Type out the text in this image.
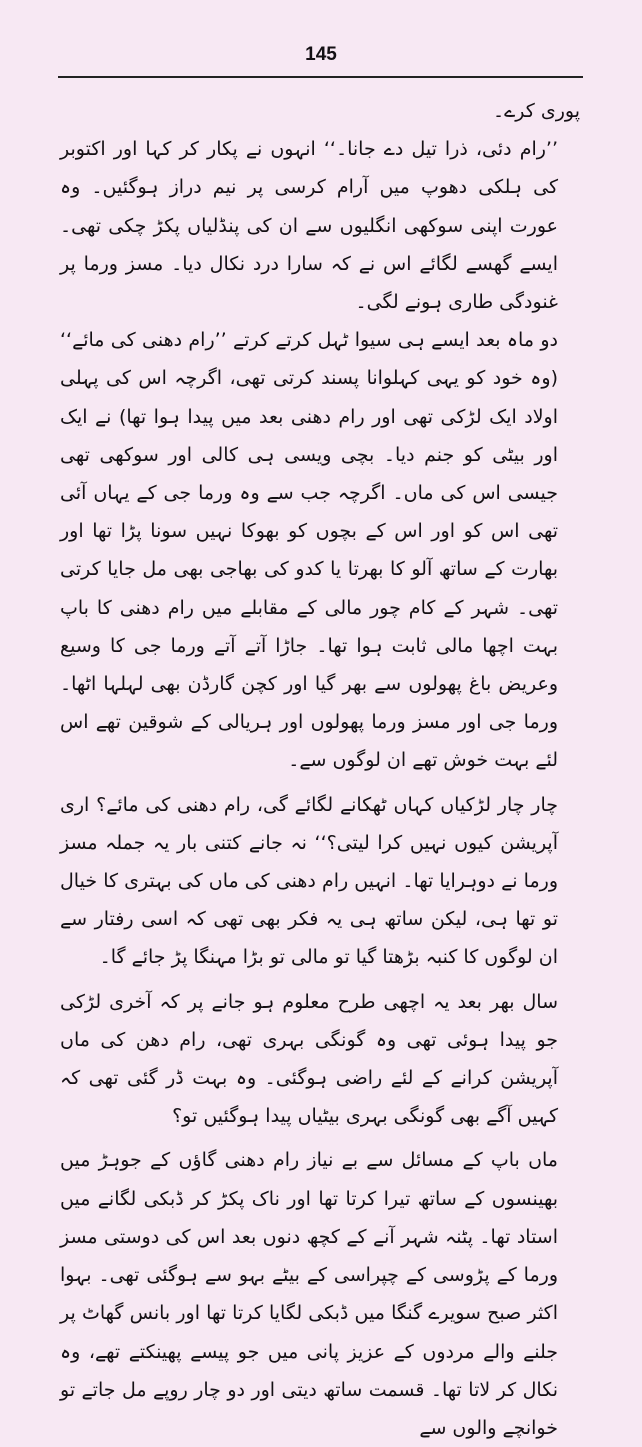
145

پوری کرے۔

’’رام دئی، ذرا تیل دے جانا۔‘‘ انہوں نے پکار کر کہا اور اکتوبر کی ہلکی دھوپ میں آرام کرسی پر نیم دراز ہوگئیں۔ وہ عورت اپنی سوکھی انگلیوں سے ان کی پنڈلیاں پکڑ چکی تھی۔ ایسے گھسے لگائے اس نے کہ سارا درد نکال دیا۔ مسز ورما پر غنودگی طاری ہونے لگی۔

دو ماہ بعد ایسے ہی سیوا ٹہل کرتے کرتے ’’رام دھنی کی مائے‘‘ (وہ خود کو یہی کہلوانا پسند کرتی تھی، اگرچہ اس کی پہلی اولاد ایک لڑکی تھی اور رام دھنی بعد میں پیدا ہوا تھا) نے ایک اور بیٹی کو جنم دیا۔ بچی ویسی ہی کالی اور سوکھی تھی جیسی اس کی ماں۔ اگرچہ جب سے وہ ورما جی کے یہاں آئی تھی اس کو اور اس کے بچوں کو بھوکا نہیں سونا پڑا تھا اور بھارت کے ساتھ آلو کا بھرتا یا کدو کی بھاجی بھی مل جایا کرتی تھی۔ شہر کے کام چور مالی کے مقابلے میں رام دھنی کا باپ بہت اچھا مالی ثابت ہوا تھا۔ جاڑا آتے آتے ورما جی کا وسیع وعریض باغ پھولوں سے بھر گیا اور کچن گارڈن بھی لہلہا اٹھا۔ ورما جی اور مسز ورما پھولوں اور ہریالی کے شوقین تھے اس لئے بہت خوش تھے ان لوگوں سے۔

چار چار لڑکیاں کہاں ٹھکانے لگائے گی، رام دھنی کی مائے؟ اری آپریشن کیوں نہیں کرا لیتی؟‘‘ نہ جانے کتنی بار یہ جملہ مسز ورما نے دوہرایا تھا۔ انہیں رام دھنی کی ماں کی بہتری کا خیال تو تھا ہی، لیکن ساتھ ہی یہ فکر بھی تھی کہ اسی رفتار سے ان لوگوں کا کنبہ بڑھتا گیا تو مالی تو بڑا مہنگا پڑ جائے گا۔

سال بھر بعد یہ اچھی طرح معلوم ہو جانے پر کہ آخری لڑکی جو پیدا ہوئی تھی وہ گونگی بہری تھی، رام دھن کی ماں آپریشن کرانے کے لئے راضی ہوگئی۔ وہ بہت ڈر گئی تھی کہ کہیں آگے بھی گونگی بہری بیٹیاں پیدا ہوگئیں تو؟

ماں باپ کے مسائل سے بے نیاز رام دھنی گاؤں کے جوہڑ میں بھینسوں کے ساتھ تیرا کرتا تھا اور ناک پکڑ کر ڈبکی لگانے میں استاد تھا۔ پٹنہ شہر آنے کے کچھ دنوں بعد اس کی دوستی مسز ورما کے پڑوسی کے چپراسی کے بیٹے بہو سے ہوگئی تھی۔ بہوا اکثر صبح سویرے گنگا میں ڈبکی لگایا کرتا تھا اور بانس گھاٹ پر جلنے والے مردوں کے عزیز پانی میں جو پیسے پھینکتے تھے، وہ نکال کر لاتا تھا۔ قسمت ساتھ دیتی اور دو چار روپے مل جاتے تو خوانچے والوں سے
